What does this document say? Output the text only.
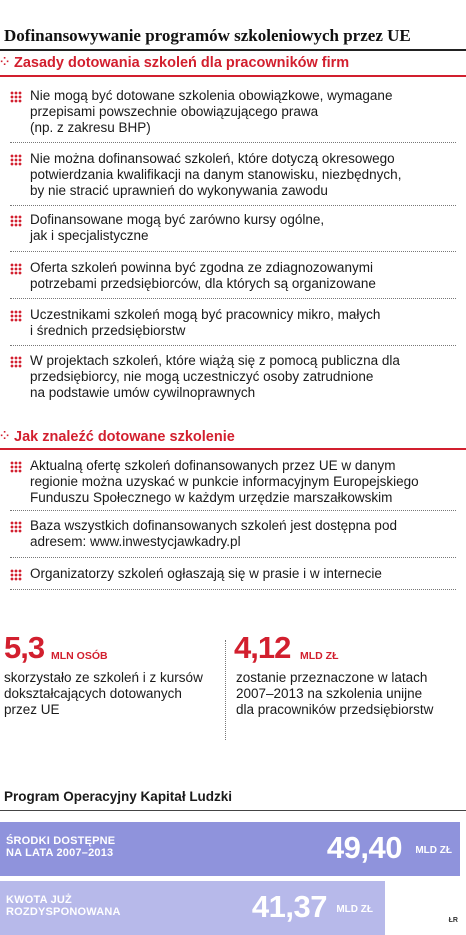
Dofinansowywanie programów szkoleniowych przez UE
⁘ Zasady dotowania szkoleń dla pracowników firm
Nie mogą być dotowane szkolenia obowiązkowe, wymagane
przepisami powszechnie obowiązującego prawa
(np. z zakresu BHP)
Nie można dofinansować szkoleń, które dotyczą okresowego
potwierdzania kwalifikacji na danym stanowisku, niezbędnych,
by nie stracić uprawnień do wykonywania zawodu
Dofinansowane mogą być zarówno kursy ogólne,
jak i specjalistyczne
Oferta szkoleń powinna być zgodna ze zdiagnozowanymi
potrzebami przedsiębiorców, dla których są organizowane
Uczestnikami szkoleń mogą być pracownicy mikro, małych
i średnich przedsiębiorstw
W projektach szkoleń, które wiążą się z pomocą publiczna dla
przedsiębiorcy, nie mogą uczestniczyć osoby zatrudnione
na podstawie umów cywilnoprawnych
⁘ Jak znaleźć dotowane szkolenie
Aktualną ofertę szkoleń dofinansowanych przez UE w danym
regionie można uzyskać w punkcie informacyjnym Europejskiego
Funduszu Społecznego w każdym urzędzie marszałkowskim
Baza wszystkich dofinansowanych szkoleń jest dostępna pod
adresem: www.inwestycjawkadry.pl
Organizatorzy szkoleń ogłaszają się w prasie i w internecie
5,3 MLN OSÓB
skorzystało ze szkoleń i z kursów
dokształcających dotowanych
przez UE
4,12 MLD ZŁ
zostanie przeznaczone w latach
2007–2013 na szkolenia unijne
dla pracowników przedsiębiorstw
Program Operacyjny Kapitał Ludzki
ŚRODKI DOSTĘPNE
NA LATA 2007–2013	49,40 MLD ZŁ
KWOTA JUŻ
ROZDYSPONOWANA	41,37 MLD ZŁ
ŁR
